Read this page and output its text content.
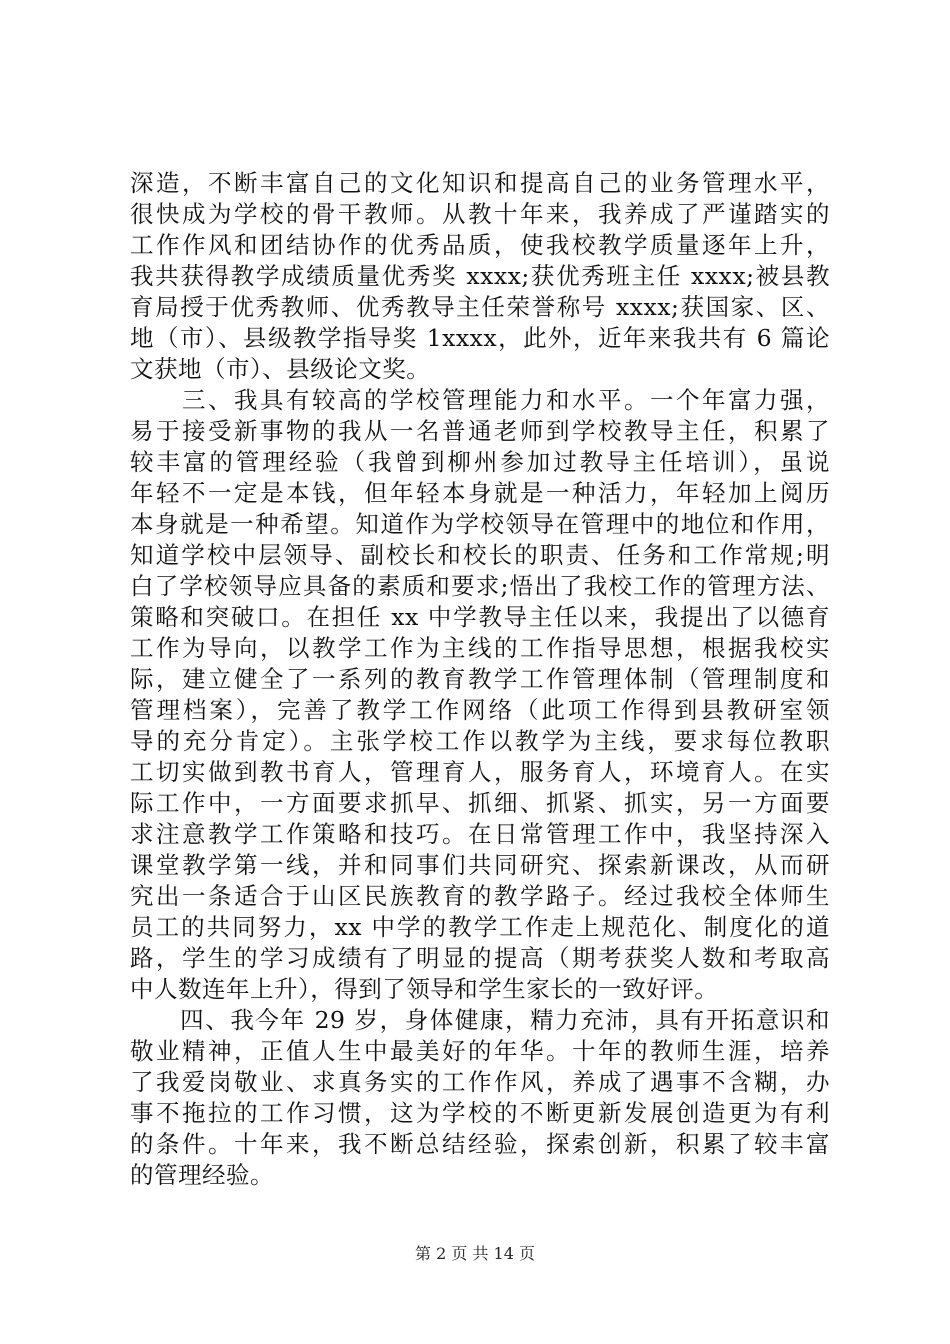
深造，不断丰富自己的文化知识和提高自己的业务管理水平，
很快成为学校的骨干教师。从教十年来，我养成了严谨踏实的
工作作风和团结协作的优秀品质，使我校教学质量逐年上升，
我共获得教学成绩质量优秀奖 xxxx;获优秀班主任 xxxx;被县教
育局授于优秀教师、优秀教导主任荣誉称号 xxxx;获国家、区、
地（市）、县级教学指导奖 1xxxx，此外，近年来我共有 6 篇论
文获地（市）、县级论文奖。
　　三、我具有较高的学校管理能力和水平。一个年富力强，
易于接受新事物的我从一名普通老师到学校教导主任，积累了
较丰富的管理经验（我曾到柳州参加过教导主任培训），虽说
年轻不一定是本钱，但年轻本身就是一种活力，年轻加上阅历
本身就是一种希望。知道作为学校领导在管理中的地位和作用，
知道学校中层领导、副校长和校长的职责、任务和工作常规;明
白了学校领导应具备的素质和要求;悟出了我校工作的管理方法、
策略和突破口。在担任 xx 中学教导主任以来，我提出了以德育
工作为导向，以教学工作为主线的工作指导思想，根据我校实
际，建立健全了一系列的教育教学工作管理体制（管理制度和
管理档案），完善了教学工作网络（此项工作得到县教研室领
导的充分肯定）。主张学校工作以教学为主线，要求每位教职
工切实做到教书育人，管理育人，服务育人，环境育人。在实
际工作中，一方面要求抓早、抓细、抓紧、抓实，另一方面要
求注意教学工作策略和技巧。在日常管理工作中，我坚持深入
课堂教学第一线，并和同事们共同研究、探索新课改，从而研
究出一条适合于山区民族教育的教学路子。经过我校全体师生
员工的共同努力，xx 中学的教学工作走上规范化、制度化的道
路，学生的学习成绩有了明显的提高（期考获奖人数和考取高
中人数连年上升），得到了领导和学生家长的一致好评。
　　四、我今年 29 岁，身体健康，精力充沛，具有开拓意识和
敬业精神，正值人生中最美好的年华。十年的教师生涯，培养
了我爱岗敬业、求真务实的工作作风，养成了遇事不含糊，办
事不拖拉的工作习惯，这为学校的不断更新发展创造更为有利
的条件。十年来，我不断总结经验，探索创新，积累了较丰富
的管理经验。
第 2 页 共 14 页
